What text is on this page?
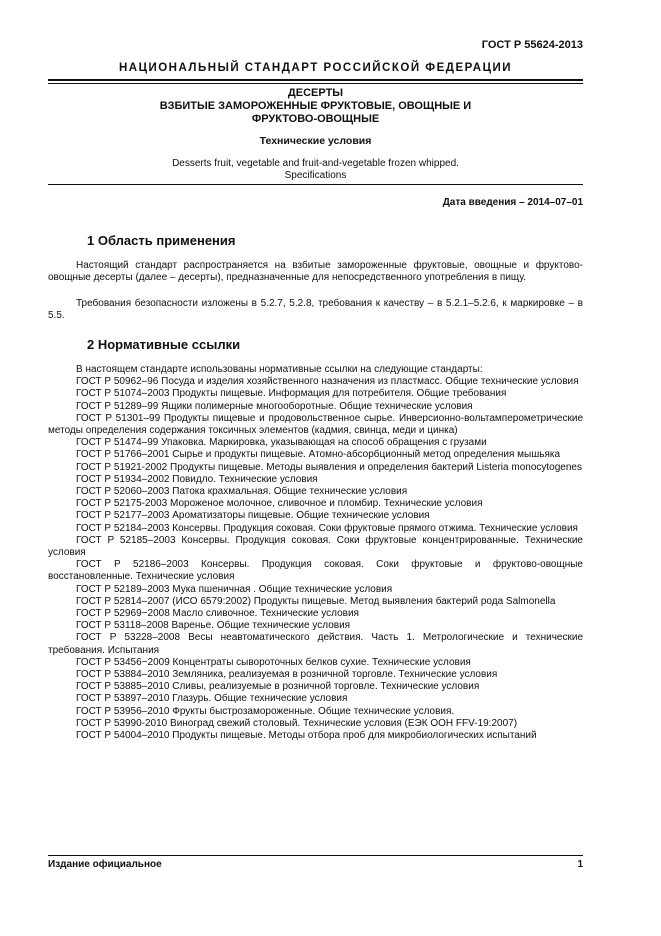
ГОСТ Р 55624-2013
НАЦИОНАЛЬНЫЙ СТАНДАРТ РОССИЙСКОЙ ФЕДЕРАЦИИ
ДЕСЕРТЫ
ВЗБИТЫЕ ЗАМОРОЖЕННЫЕ ФРУКТОВЫЕ, ОВОЩНЫЕ И
ФРУКТОВО-ОВОЩНЫЕ
Технические условия
Desserts fruit, vegetable and fruit-and-vegetable frozen whipped.
Specifications
Дата введения – 2014–07–01
1 Область применения
Настоящий стандарт распространяется на взбитые замороженные фруктовые, овощные и фруктово-овощные десерты (далее – десерты), предназначенные для непосредственного употребления в пищу.
Требования безопасности изложены в 5.2.7, 5.2.8, требования к качеству – в 5.2.1–5.2.6, к маркировке – в 5.5.
2 Нормативные ссылки

В настоящем стандарте использованы нормативные ссылки на следующие стандарты:

ГОСТ Р 50962–96 Посуда и изделия хозяйственного назначения из пластмасс. Общие технические условия

ГОСТ Р 51074–2003 Продукты пищевые. Информация для потребителя. Общие требования

ГОСТ Р 51289–99 Ящики полимерные многооборотные. Общие технические условия

ГОСТ Р 51301–99 Продукты пищевые и продовольственное сырье. Инверсионно-вольтамперометрические методы определения содержания токсичных элементов (кадмия, свинца, меди и цинка)

ГОСТ Р 51474–99 Упаковка. Маркировка, указывающая на способ обращения с грузами

ГОСТ Р 51766–2001 Сырье и продукты пищевые. Атомно-абсорбционный метод определения мышьяка

ГОСТ Р 51921-2002 Продукты пищевые. Методы выявления и определения бактерий Listeria monocytogenes

ГОСТ Р 51934–2002 Повидло. Технические условия

ГОСТ Р 52060–2003 Патока крахмальная. Общие технические условия

ГОСТ Р 52175-2003 Мороженое молочное, сливочное и пломбир. Технические условия

ГОСТ Р 52177–2003 Ароматизаторы пищевые. Общие технические условия

ГОСТ Р 52184–2003 Консервы. Продукция соковая. Соки фруктовые прямого отжима. Технические условия

ГОСТ Р 52185–2003 Консервы. Продукция соковая. Соки фруктовые концентрированные. Технические условия

ГОСТ Р 52186–2003 Консервы. Продукция соковая. Соки фруктовые и фруктово-овощные восстановленные. Технические условия

ГОСТ Р 52189–2003 Мука пшеничная . Общие технические условия

ГОСТ Р 52814–2007 (ИСО 6579:2002) Продукты пищевые. Метод выявления бактерий рода Salmonella

ГОСТ Р 52969−2008 Масло сливочное. Технические условия

ГОСТ Р 53118–2008 Варенье. Общие технические условия

ГОСТ Р 53228–2008 Весы неавтоматического действия. Часть 1. Метрологические и технические требования. Испытания

ГОСТ Р 53456−2009 Концентраты сывороточных белков сухие. Технические условия

ГОСТ Р 53884–2010 Земляника, реализуемая в розничной торговле. Технические условия

ГОСТ Р 53885–2010 Сливы, реализуемые в розничной торговле. Технические условия

ГОСТ Р 53897–2010 Глазурь. Общие технические условия

ГОСТ Р 53956–2010 Фрукты быстрозамороженные. Общие технические условия.

ГОСТ Р 53990-2010 Виноград свежий столовый. Технические условия (ЕЭК ООН FFV-19:2007)

ГОСТ Р 54004–2010 Продукты пищевые. Методы отбора проб для микробиологических испытаний

Издание официальное	1
